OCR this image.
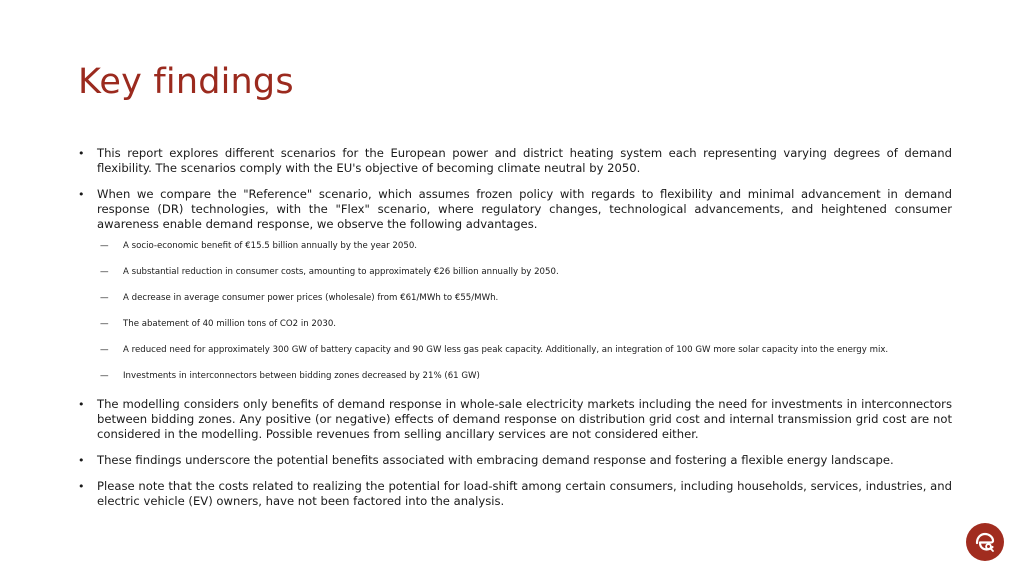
Key findings
•	This report explores different scenarios for the European power and district heating system each representing varying degrees of demand flexibility. The scenarios comply with the EU's objective of becoming climate neutral by 2050.
•	When we compare the "Reference" scenario, which assumes frozen policy with regards to flexibility and minimal advancement in demand response (DR) technologies, with the "Flex" scenario, where regulatory changes, technological advancements, and heightened consumer awareness enable demand response, we observe the following advantages.
—	A socio-economic benefit of €15.5 billion annually by the year 2050.
—	A substantial reduction in consumer costs, amounting to approximately €26 billion annually by 2050.
—	A decrease in average consumer power prices (wholesale) from €61/MWh to €55/MWh.
—	The abatement of 40 million tons of CO2 in 2030.
—	A reduced need for approximately 300 GW of battery capacity and 90 GW less gas peak capacity. Additionally, an integration of 100 GW more solar capacity into the energy mix.
—	Investments in interconnectors between bidding zones decreased by 21% (61 GW)
•	The modelling considers only benefits of demand response in whole-sale electricity markets including the need for investments in interconnectors between bidding zones. Any positive (or negative) effects of demand response on distribution grid cost and internal transmission grid cost are not considered in the modelling. Possible revenues from selling ancillary services are not considered either.
•	These findings underscore the potential benefits associated with embracing demand response and fostering a flexible energy landscape.
•	Please note that the costs related to realizing the potential for load-shift among certain consumers, including households, services, industries, and electric vehicle (EV) owners, have not been factored into the analysis.
